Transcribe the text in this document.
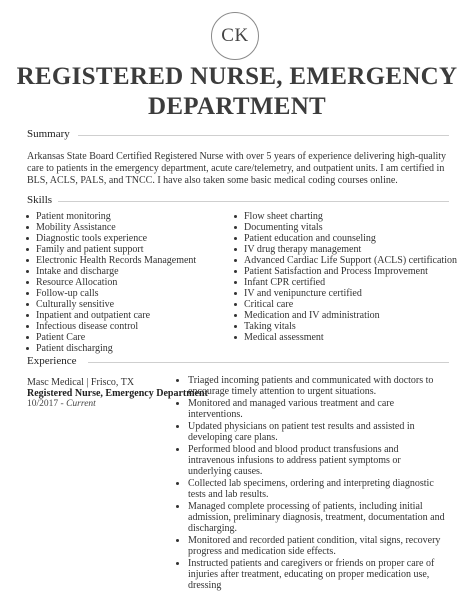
CK
REGISTERED NURSE, EMERGENCY DEPARTMENT
Summary
Arkansas State Board Certified Registered Nurse with over 5 years of experience delivering high-quality care to patients in the emergency department, acute care/telemetry, and outpatient units. I am certified in BLS, ACLS, PALS, and TNCC. I have also taken some basic medical coding courses online.
Skills
Patient monitoring
Mobility Assistance
Diagnostic tools experience
Family and patient support
Electronic Health Records Management
Intake and discharge
Resource Allocation
Follow-up calls
Culturally sensitive
Inpatient and outpatient care
Infectious disease control
Patient Care
Patient discharging
Flow sheet charting
Documenting vitals
Patient education and counseling
IV drug therapy management
Advanced Cardiac Life Support (ACLS) certification
Patient Satisfaction and Process Improvement
Infant CPR certified
IV and venipuncture certified
Critical care
Medication and IV administration
Taking vitals
Medical assessment
Experience
Masc Medical | Frisco, TX
Registered Nurse, Emergency Department
10/2017 - Current
Triaged incoming patients and communicated with doctors to encourage timely attention to urgent situations.
Monitored and managed various treatment and care interventions.
Updated physicians on patient test results and assisted in developing care plans.
Performed blood and blood product transfusions and intravenous infusions to address patient symptoms or underlying causes.
Collected lab specimens, ordering and interpreting diagnostic tests and lab results.
Managed complete processing of patients, including initial admission, preliminary diagnosis, treatment, documentation and discharging.
Monitored and recorded patient condition, vital signs, recovery progress and medication side effects.
Instructed patients and caregivers or friends on proper care of injuries after treatment, educating on proper medication use, dressing
